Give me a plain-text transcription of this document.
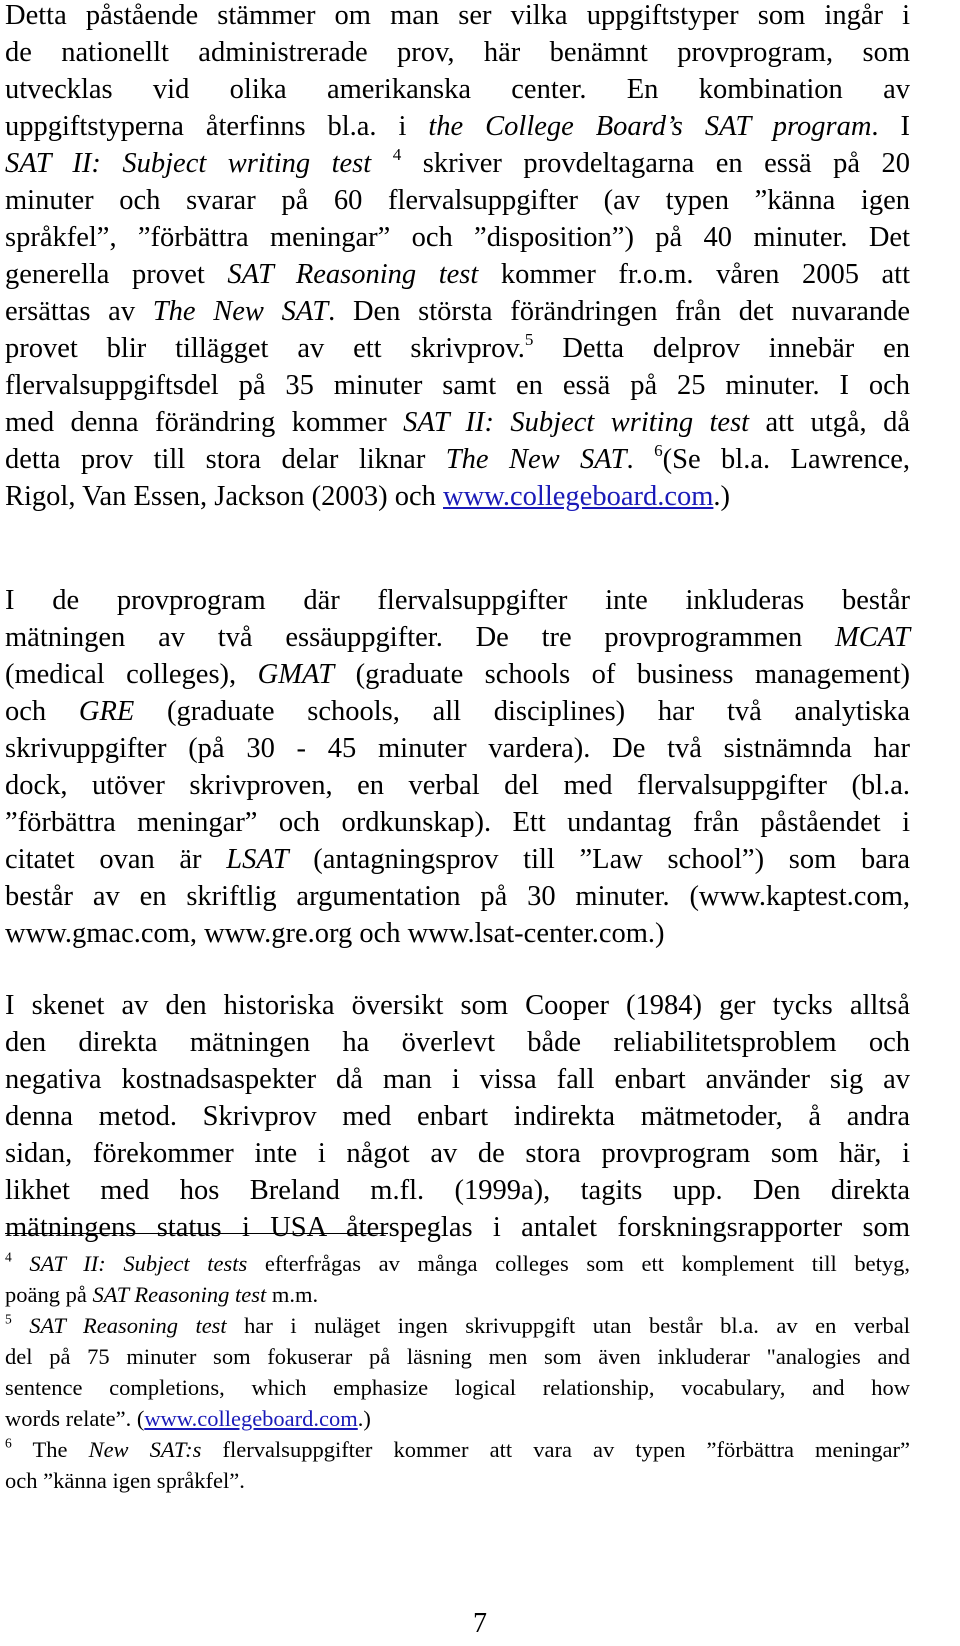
Detta påstående stämmer om man ser vilka uppgiftstyper som ingår i
de nationellt administrerade prov, här benämnt provprogram, som
utvecklas vid olika amerikanska center. En kombination av
uppgiftstyperna återfinns bl.a. i the College Board’s SAT program. I
SAT II: Subject writing test $^4$ skriver provdeltagarna en essä på 20
minuter och svarar på 60 flervalsuppgifter (av typen ”känna igen
språkfel”, ”förbättra meningar” och ”disposition”) på 40 minuter. Det
generella provet SAT Reasoning test kommer fr.o.m. våren 2005 att
ersättas av The New SAT. Den största förändringen från det nuvarande
provet blir tillägget av ett skrivprov.$^5$ Detta delprov innebär en
flervalsuppgiftsdel på 35 minuter samt en essä på 25 minuter. I och
med denna förändring kommer SAT II: Subject writing test att utgå, då
detta prov till stora delar liknar The New SAT. $^6$(Se bl.a. Lawrence,
Rigol, Van Essen, Jackson (2003) och www.collegeboard.com.)
I de provprogram där flervalsuppgifter inte inkluderas består
mätningen av två essäuppgifter. De tre provprogrammen MCAT
(medical colleges), GMAT (graduate schools of business management)
och GRE (graduate schools, all disciplines) har två analytiska
skrivuppgifter (på 30 - 45 minuter vardera). De två sistnämnda har
dock, utöver skrivproven, en verbal del med flervalsuppgifter (bl.a.
”förbättra meningar” och ordkunskap). Ett undantag från påståendet i
citatet ovan är LSAT (antagningsprov till ”Law school”) som bara
består av en skriftlig argumentation på 30 minuter. (www.kaptest.com,
www.gmac.com, www.gre.org och www.lsat-center.com.)
I skenet av den historiska översikt som Cooper (1984) ger tycks alltså
den direkta mätningen ha överlevt både reliabilitetsproblem och
negativa kostnadsaspekter då man i vissa fall enbart använder sig av
denna metod. Skrivprov med enbart indirekta mätmetoder, å andra
sidan, förekommer inte i något av de stora provprogram som här, i
likhet med hos Breland m.fl. (1999a), tagits upp. Den direkta
mätningens status i USA återspeglas i antalet forskningsrapporter som
$^4$ SAT II: Subject tests efterfrågas av många colleges som ett komplement till betyg,
poäng på SAT Reasoning test m.m.
$^5$ SAT Reasoning test har i nuläget ingen skrivuppgift utan består bl.a. av en verbal
del på 75 minuter som fokuserar på läsning men som även inkluderar "analogies and
sentence completions, which emphasize logical relationship, vocabulary, and how
words relate”. (www.collegeboard.com.)
$^6$ The New SAT:s flervalsuppgifter kommer att vara av typen ”förbättra meningar”
och ”känna igen språkfel”.
7
